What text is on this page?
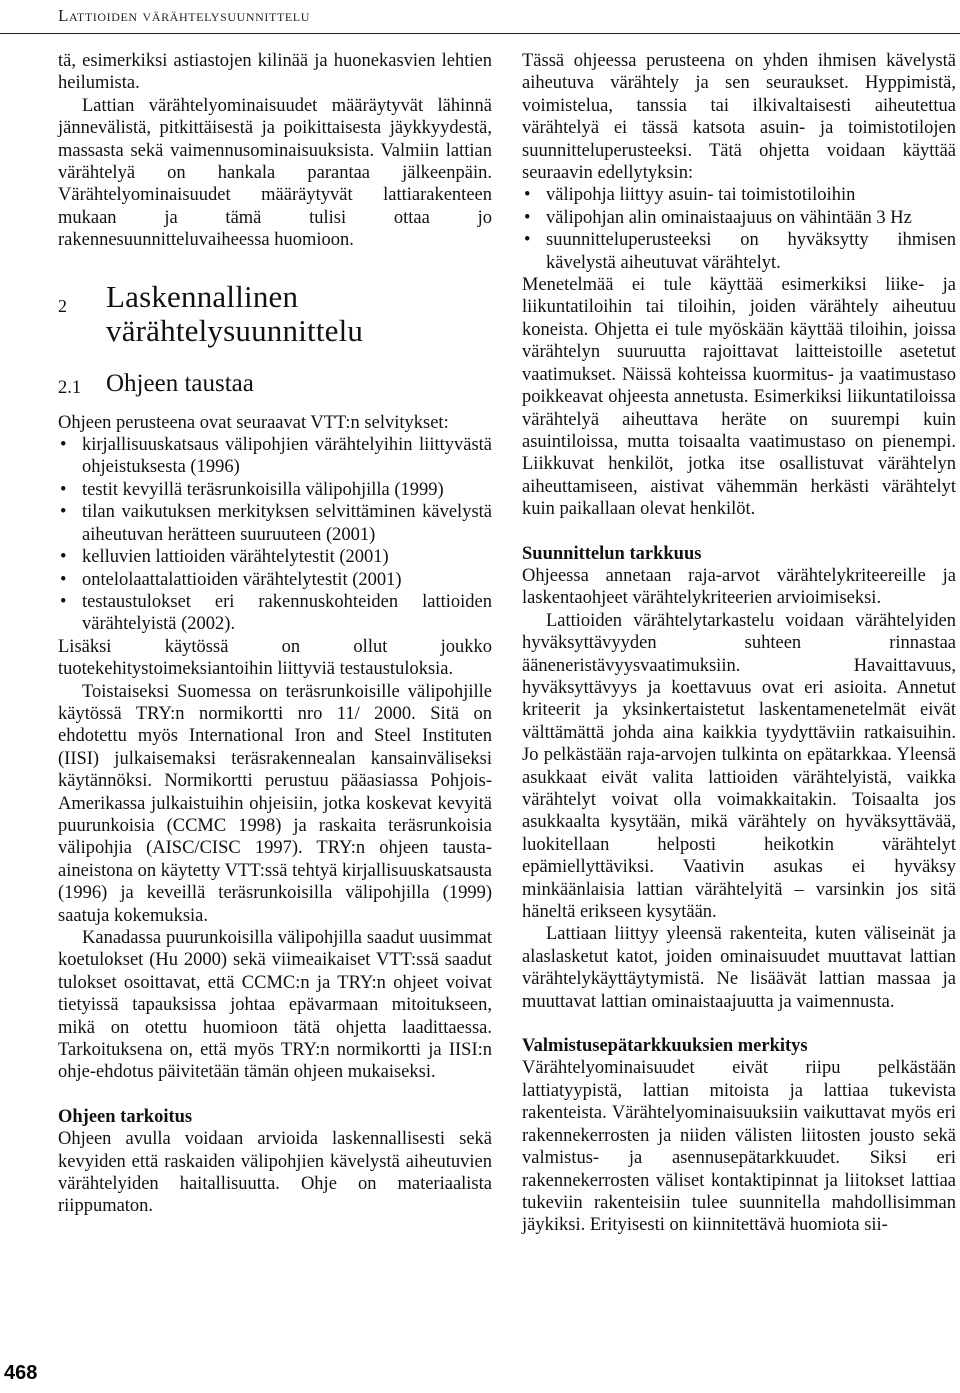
Lattioiden värähtelysuunnittelu

tä, esimerkiksi astiastojen kilinää ja huonekasvien lehtien heilumista.

Lattian värähtelyominaisuudet määräytyvät lähinnä jännevälistä, pitkittäisestä ja poikittaisesta jäykkyydestä, massasta sekä vaimennusominaisuuksista. Valmiin lattian värähtelyä on hankala parantaa jälkeenpäin. Värähtelyominaisuudet määräytyvät lattiarakenteen mukaan ja tämä tulisi ottaa jo rakennesuunnitteluvaiheessa huomioon.

2	Laskennallinen
värähtelysuunnittelu
2.1 Ohjeen taustaa

Ohjeen perusteena ovat seuraavat VTT:n selvitykset:

• kirjallisuuskatsaus välipohjien värähtelyihin liittyvästä ohjeistuksesta (1996)
• testit kevyillä teräsrunkoisilla välipohjilla (1999)
• tilan vaikutuksen merkityksen selvittäminen kävelystä aiheutuvan herätteen suuruuteen (2001)
• kelluvien lattioiden värähtelytestit (2001)
• ontelolaattalattioiden värähtelytestit (2001)
• testaustulokset eri rakennuskohteiden lattioiden värähtelyistä (2002).

Lisäksi käytössä on ollut joukko tuotekehitystoimeksiantoihin liittyviä testaustuloksia.

Toistaiseksi Suomessa on teräsrunkoisille välipohjille käytössä TRY:n normikortti nro 11/ 2000. Sitä on ehdotettu myös International Iron and Steel Instituten (IISI) julkaisemaksi teräsrakennealan kansainväliseksi käytännöksi. Normikortti perustuu pääasiassa Pohjois-Amerikassa julkaistuihin ohjeisiin, jotka koskevat kevyitä puurunkoisia (CCMC 1998) ja raskaita teräsrunkoisia välipohjia (AISC/CISC 1997). TRY:n ohjeen tausta-aineistona on käytetty VTT:ssä tehtyä kirjallisuuskatsausta (1996) ja keveillä teräsrunkoisilla välipohjilla (1999) saatuja kokemuksia.

Kanadassa puurunkoisilla välipohjilla saadut uusimmat koetulokset (Hu 2000) sekä viimeaikaiset VTT:ssä saadut tulokset osoittavat, että CCMC:n ja TRY:n ohjeet voivat tietyissä tapauksissa johtaa epävarmaan mitoitukseen, mikä on otettu huomioon tätä ohjetta laadittaessa. Tarkoituksena on, että myös TRY:n normikortti ja IISI:n ohje-ehdotus päivitetään tämän ohjeen mukaiseksi.

Ohjeen tarkoitus

Ohjeen avulla voidaan arvioida laskennallisesti sekä kevyiden että raskaiden välipohjien kävelystä aiheutuvien värähtelyiden haitallisuutta. Ohje on materiaalista riippumaton.

Tässä ohjeessa perusteena on yhden ihmisen kävelystä aiheutuva värähtely ja sen seuraukset. Hyppimistä, voimistelua, tanssia tai ilkivaltaisesti aiheutettua värähtelyä ei tässä katsota asuin- ja toimistotilojen suunnitteluperusteeksi. Tätä ohjetta voidaan käyttää seuraavin edellytyksin:

• välipohja liittyy asuin- tai toimistotiloihin
• välipohjan alin ominaistaajuus on vähintään 3 Hz
• suunnitteluperusteeksi on hyväksytty ihmisen kävelystä aiheutuvat värähtelyt.

Menetelmää ei tule käyttää esimerkiksi liike- ja liikuntatiloihin tai tiloihin, joiden värähtely aiheutuu koneista. Ohjetta ei tule myöskään käyttää tiloihin, joissa värähtelyn suuruutta rajoittavat laitteistoille asetetut vaatimukset. Näissä kohteissa kuormitus- ja vaatimustaso poikkeavat ohjeesta annetusta. Esimerkiksi liikuntatiloissa värähtelyä aiheuttava heräte on suurempi kuin asuintiloissa, mutta toisaalta vaatimustaso on pienempi. Liikkuvat henkilöt, jotka itse osallistuvat värähtelyn aiheuttamiseen, aistivat vähemmän herkästi värähtelyt kuin paikallaan olevat henkilöt.

Suunnittelun tarkkuus

Ohjeessa annetaan raja-arvot värähtelykriteereille ja laskentaohjeet värähtelykriteerien arvioimiseksi.

Lattioiden värähtelytarkastelu voidaan värähtelyiden hyväksyttävyyden suhteen rinnastaa ääneneristävyysvaatimuksiin. Havaittavuus, hyväksyttävyys ja koettavuus ovat eri asioita. Annetut kriteerit ja yksinkertaistetut laskentamenetelmät eivät välttämättä johda aina kaikkia tyydyttäviin ratkaisuihin. Jo pelkästään raja-arvojen tulkinta on epätarkkaa. Yleensä asukkaat eivät valita lattioiden värähtelyistä, vaikka värähtelyt voivat olla voimakkaitakin. Toisaalta jos asukkaalta kysytään, mikä värähtely on hyväksyttävää, luokitellaan helposti heikotkin värähtelyt epämiellyttäviksi. Vaativin asukas ei hyväksy minkäänlaisia lattian värähtelyitä – varsinkin jos sitä häneltä erikseen kysytään.

Lattiaan liittyy yleensä rakenteita, kuten väliseinät ja alaslasketut katot, joiden ominaisuudet muuttavat lattian värähtelykäyttäytymistä. Ne lisäävät lattian massaa ja muuttavat lattian ominaistaajuutta ja vaimennusta.

Valmistusepätarkkuuksien merkitys

Värähtelyominaisuudet eivät riipu pelkästään lattiatyypistä, lattian mitoista ja lattiaa tukevista rakenteista. Värähtelyominaisuuksiin vaikuttavat myös eri rakennekerrosten ja niiden välisten liitosten jousto sekä valmistus- ja asennusepätarkkuudet. Siksi eri rakennekerrosten väliset kontaktipinnat ja liitokset lattiaa tukeviin rakenteisiin tulee suunnitella mahdollisimman jäykiksi. Erityisesti on kiinnitettävä huomiota sii-

468
